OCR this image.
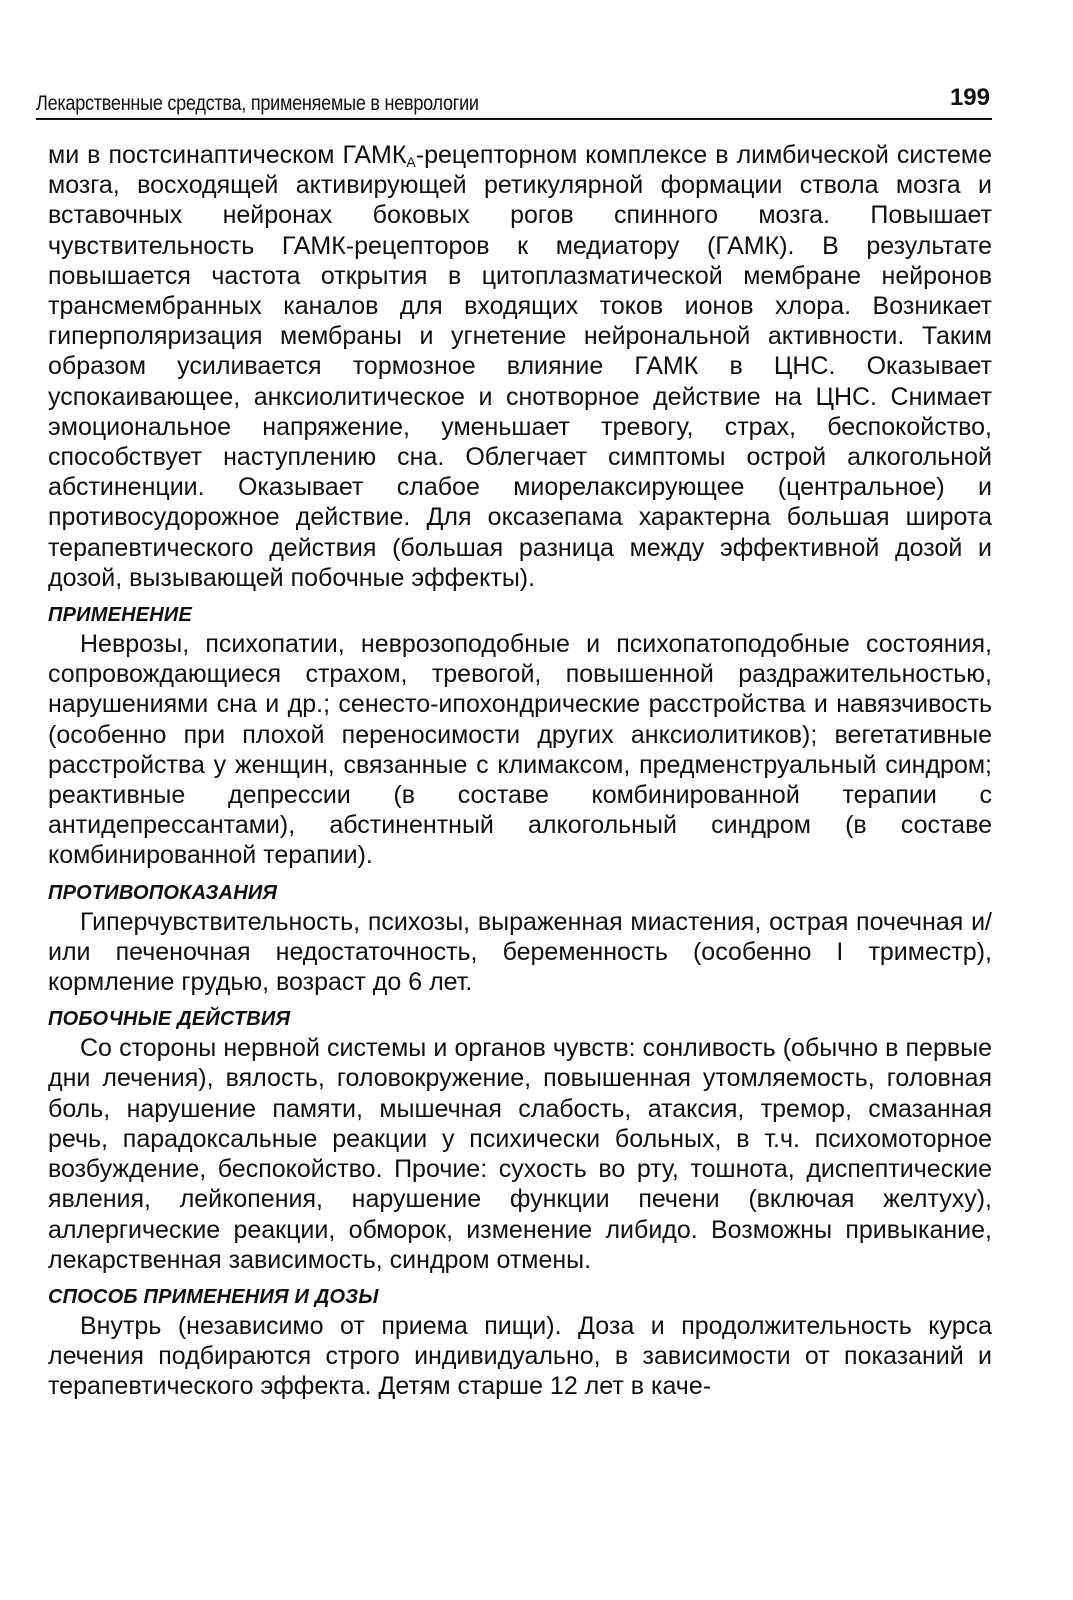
Лекарственные средства, применяемые в неврологии	199

ми в постсинаптическом $ГАМК_А$-рецепторном комплексе в лимбической системе мозга, восходящей активирующей ретикулярной формации ствола мозга и вставочных нейронах боковых рогов спинного мозга. Повышает чувствительность ГАМК-рецепторов к медиатору (ГАМК). В результате повышается частота открытия в цитоплазматической мембране нейронов трансмембранных каналов для входящих токов ионов хлора. Возникает гиперполяризация мембраны и угнетение нейрональной активности. Таким образом усиливается тормозное влияние ГАМК в ЦНС. Оказывает успокаивающее, анксиолитическое и снотворное действие на ЦНС. Снимает эмоциональное напряжение, уменьшает тревогу, страх, беспокойство, способствует наступлению сна. Облегчает симптомы острой алкогольной абстиненции. Оказывает слабое миорелаксирующее (центральное) и противосудорожное действие. Для оксазепама характерна большая широта терапевтического действия (большая разница между эффективной дозой и дозой, вызывающей побочные эффекты).

ПРИМЕНЕНИЕ

Неврозы, психопатии, неврозоподобные и психопатоподобные состояния, сопровождающиеся страхом, тревогой, повышенной раздражительностью, нарушениями сна и др.; сенесто-ипохондрические расстройства и навязчивость (особенно при плохой переносимости других анксиолитиков); вегетативные расстройства у женщин, связанные с климаксом, предменструальный синдром; реактивные депрессии (в составе комбинированной терапии с антидепрессантами), абстинентный алкогольный синдром (в составе комбинированной терапии).

ПРОТИВОПОКАЗАНИЯ

Гиперчувствительность, психозы, выраженная миастения, острая почечная и/или печеночная недостаточность, беременность (особенно I триместр), кормление грудью, возраст до 6 лет.

ПОБОЧНЫЕ ДЕЙСТВИЯ

Со стороны нервной системы и органов чувств: сонливость (обычно в первые дни лечения), вялость, головокружение, повышенная утомляемость, головная боль, нарушение памяти, мышечная слабость, атаксия, тремор, смазанная речь, парадоксальные реакции у психически больных, в т.ч. психомоторное возбуждение, беспокойство. Прочие: сухость во рту, тошнота, диспептические явления, лейкопения, нарушение функции печени (включая желтуху), аллергические реакции, обморок, изменение либидо. Возможны привыкание, лекарственная зависимость, синдром отмены.

СПОСОБ ПРИМЕНЕНИЯ И ДОЗЫ

Внутрь (независимо от приема пищи). Доза и продолжительность курса лечения подбираются строго индивидуально, в зависимости от показаний и терапевтического эффекта. Детям старше 12 лет в каче-
